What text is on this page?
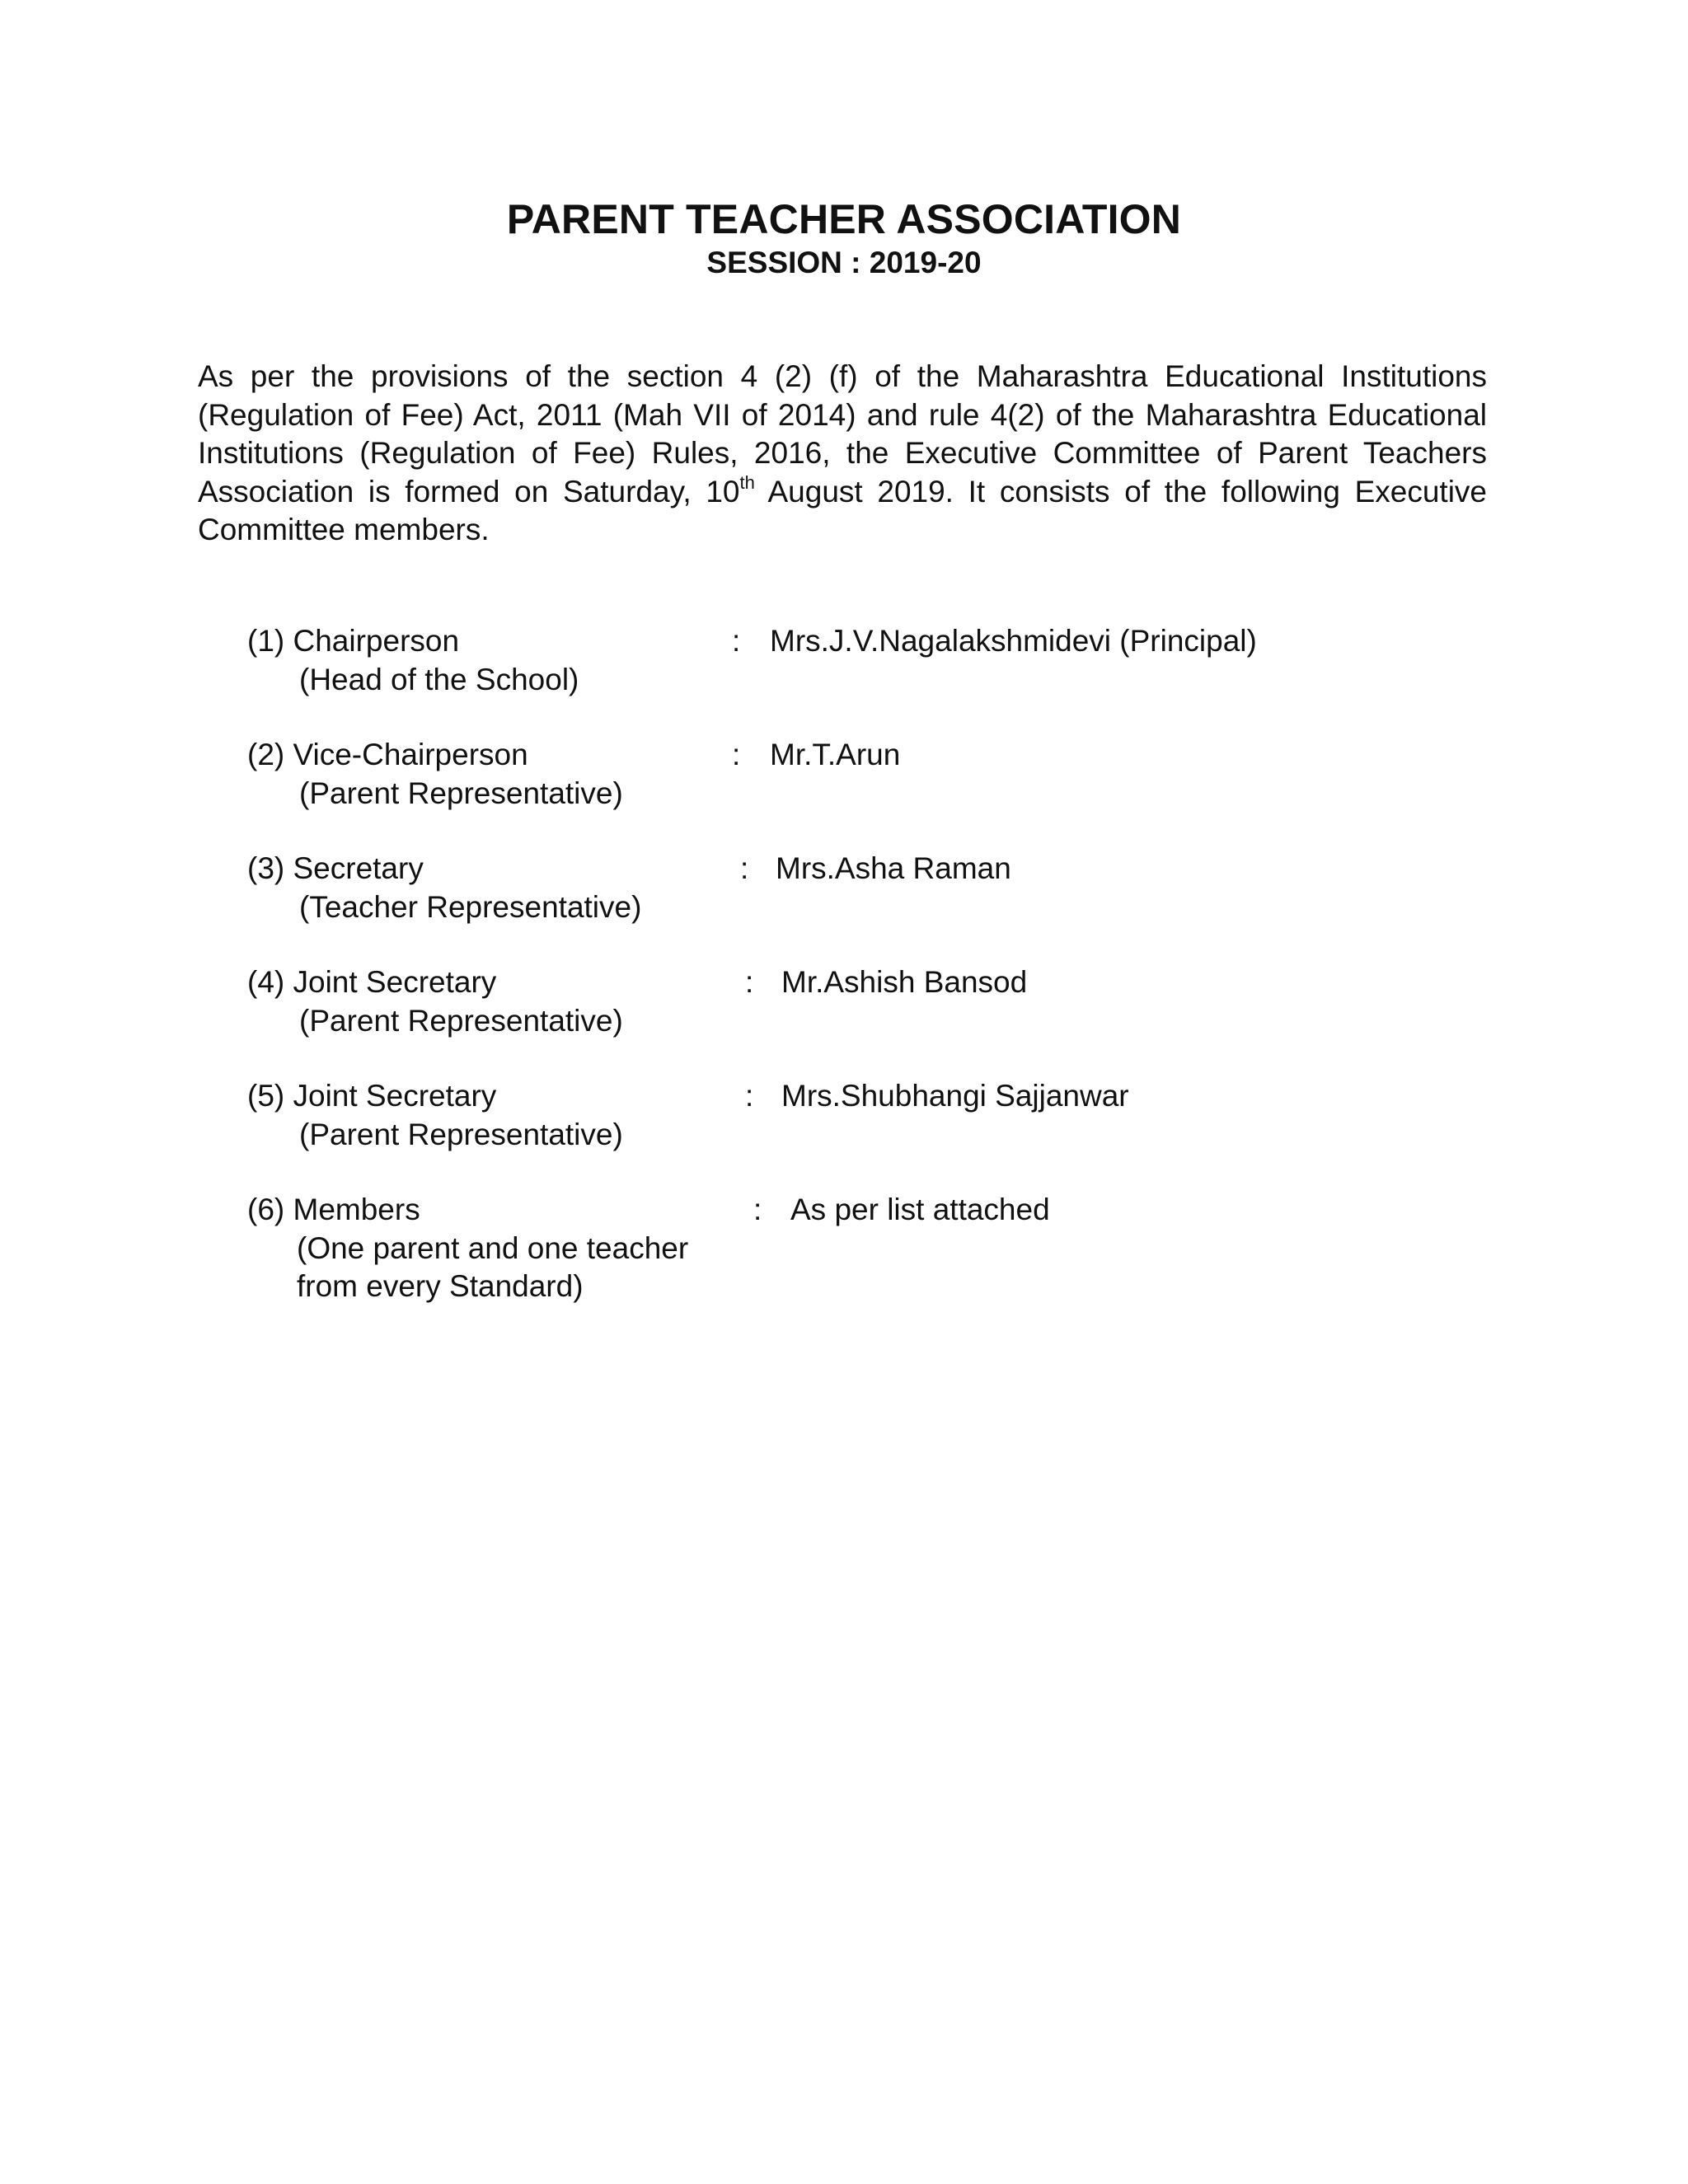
PARENT TEACHER ASSOCIATION
SESSION : 2019-20

As per the provisions of the section 4 (2) (f) of the Maharashtra Educational Institutions (Regulation of Fee) Act, 2011 (Mah VII of 2014) and rule 4(2) of the Maharashtra Educational Institutions (Regulation of Fee) Rules, 2016, the Executive Committee of Parent Teachers Association is formed on Saturday, 10th August 2019. It consists of the following Executive Committee members.

(1) Chairperson
(Head of the School)
: Mrs.J.V.Nagalakshmidevi (Principal)
(2) Vice-Chairperson
(Parent Representative)
: Mr.T.Arun
(3) Secretary
(Teacher Representative)
: Mrs.Asha Raman
(4) Joint Secretary
(Parent Representative)
: Mr.Ashish Bansod
(5) Joint Secretary
(Parent Representative)
: Mrs.Shubhangi Sajjanwar
(6) Members
(One parent and one teacher
from every Standard)
: As per list attached
